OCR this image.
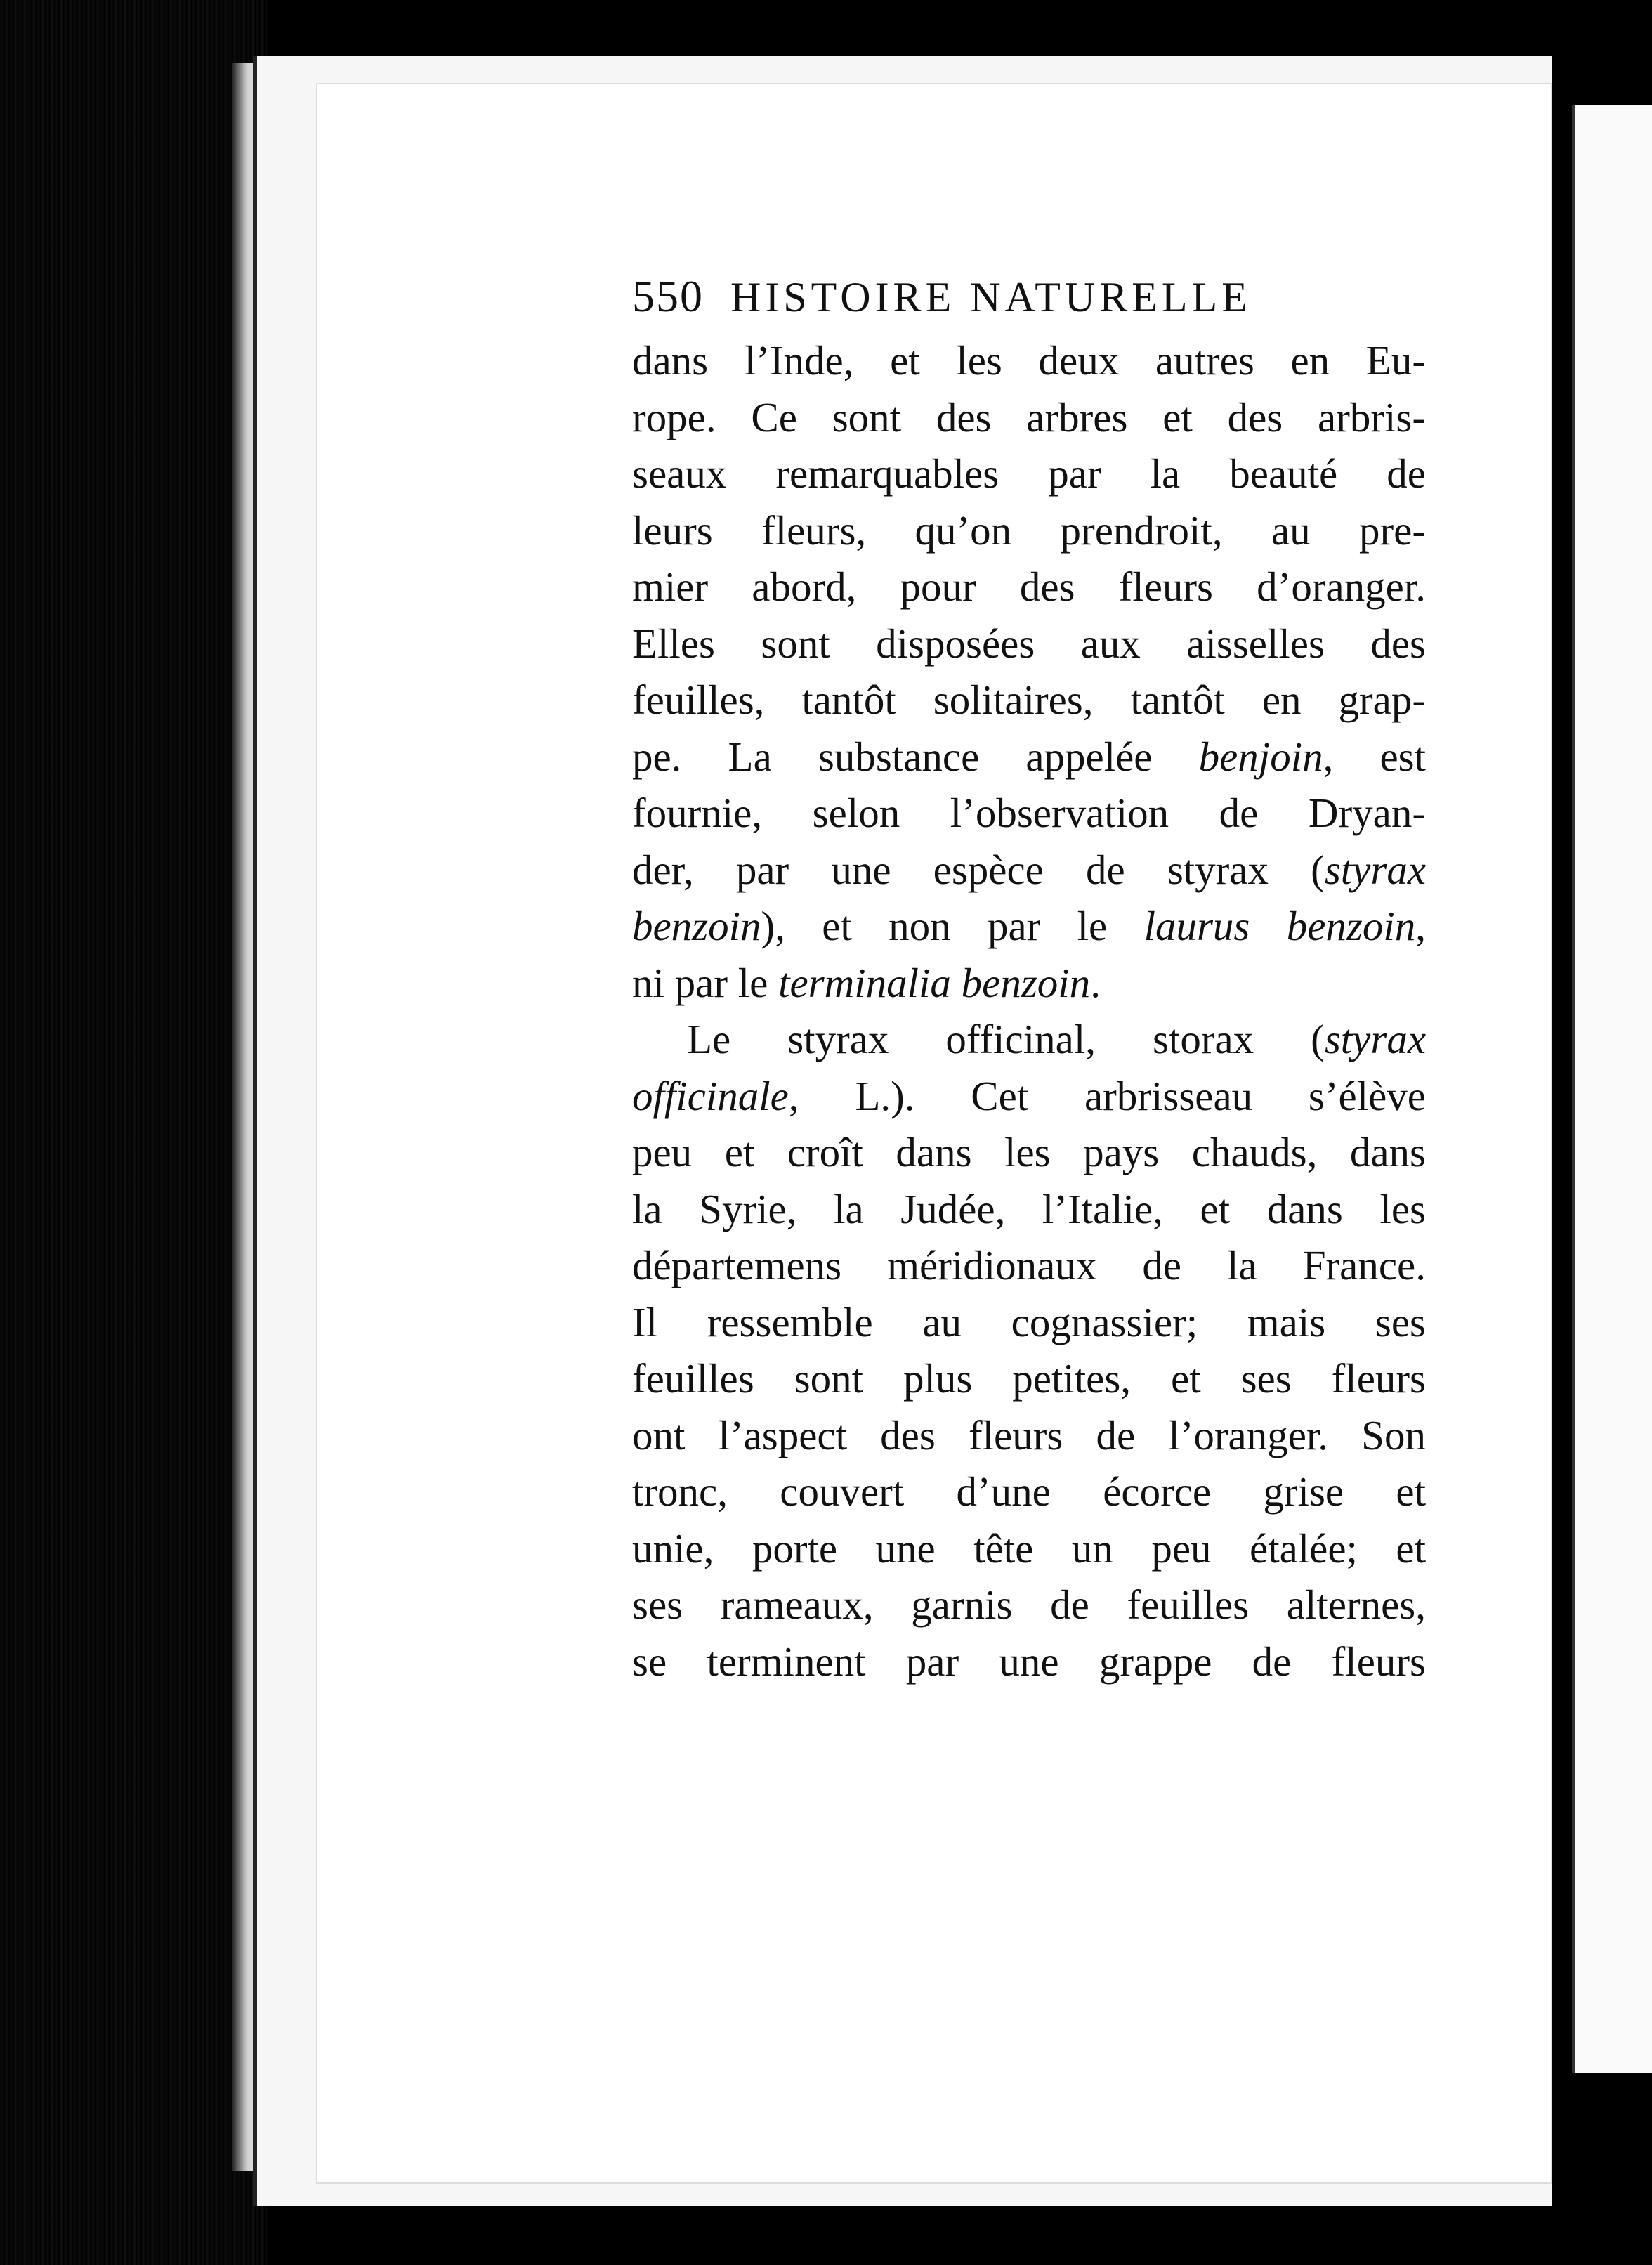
550 HISTOIRE NATURELLE
dans l’Inde, et les deux autres en Eu-
rope. Ce sont des arbres et des arbris-
seaux remarquables par la beauté de
leurs fleurs, qu’on prendroit, au pre-
mier abord, pour des fleurs d’oranger.
Elles sont disposées aux aisselles des
feuilles, tantôt solitaires, tantôt en grap-
pe. La substance appelée benjoin, est
fournie, selon l’observation de Dryan-
der, par une espèce de styrax (styrax
benzoin), et non par le laurus benzoin,
ni par le terminalia benzoin.
Le styrax officinal, storax (styrax
officinale, L.). Cet arbrisseau s’élève
peu et croît dans les pays chauds, dans
la Syrie, la Judée, l’Italie, et dans les
départemens méridionaux de la France.
Il ressemble au cognassier; mais ses
feuilles sont plus petites, et ses fleurs
ont l’aspect des fleurs de l’oranger. Son
tronc, couvert d’une écorce grise et
unie, porte une tête un peu étalée; et
ses rameaux, garnis de feuilles alternes,
se terminent par une grappe de fleurs
